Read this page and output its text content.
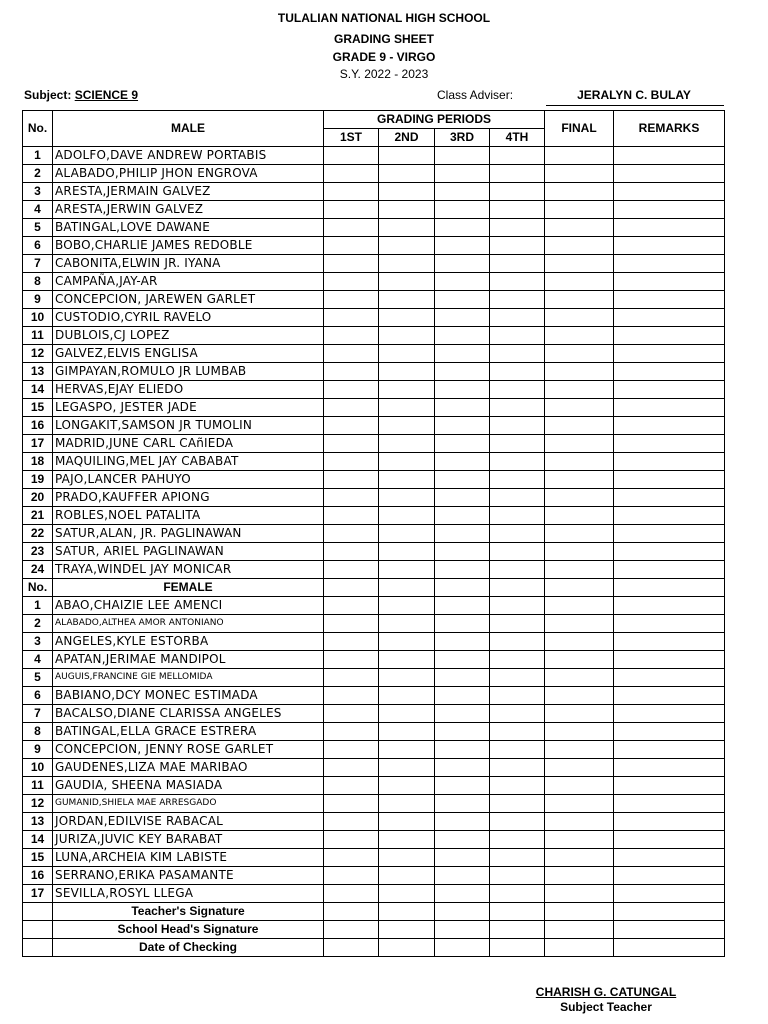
TULALIAN NATIONAL HIGH SCHOOL
GRADING SHEET
GRADE 9 - VIRGO
S.Y. 2022 - 2023
Subject: SCIENCE 9	Class Adviser:	JERALYN C. BULAY
No.	MALE	GRADING PERIODS				FINAL	REMARKS
		1ST	2ND	3RD	4TH		
1	ADOLFO,DAVE ANDREW PORTABIS						
2	ALABADO,PHILIP JHON ENGROVA						
3	ARESTA,JERMAIN GALVEZ						
4	ARESTA,JERWIN GALVEZ						
5	BATINGAL,LOVE DAWANE						
6	BOBO,CHARLIE JAMES REDOBLE						
7	CABONITA,ELWIN JR. IYANA						
8	CAMPAÑA,JAY-AR						
9	CONCEPCION, JAREWEN GARLET						
10	CUSTODIO,CYRIL RAVELO						
11	DUBLOIS,CJ LOPEZ						
12	GALVEZ,ELVIS ENGLISA						
13	GIMPAYAN,ROMULO JR LUMBAB						
14	HERVAS,EJAY ELIEDO						
15	LEGASPO, JESTER JADE						
16	LONGAKIT,SAMSON JR TUMOLIN						
17	MADRID,JUNE CARL CAñIEDA						
18	MAQUILING,MEL JAY CABABAT						
19	PAJO,LANCER PAHUYO						
20	PRADO,KAUFFER APIONG						
21	ROBLES,NOEL PATALITA						
22	SATUR,ALAN, JR. PAGLINAWAN						
23	SATUR, ARIEL PAGLINAWAN						
24	TRAYA,WINDEL JAY MONICAR						
No.	FEMALE						
1	ABAO,CHAIZIE LEE AMENCI						
2	ALABADO,ALTHEA AMOR ANTONIANO						
3	ANGELES,KYLE ESTORBA						
4	APATAN,JERIMAE MANDIPOL						
5	AUGUIS,FRANCINE GIE MELLOMIDA						
6	BABIANO,DCY MONEC ESTIMADA						
7	BACALSO,DIANE CLARISSA ANGELES						
8	BATINGAL,ELLA GRACE ESTRERA						
9	CONCEPCION, JENNY ROSE GARLET						
10	GAUDENES,LIZA MAE MARIBAO						
11	GAUDIA, SHEENA MASIADA						
12	GUMANID,SHIELA MAE ARRESGADO						
13	JORDAN,EDILVISE RABACAL						
14	JURIZA,JUVIC KEY BARABAT						
15	LUNA,ARCHEIA KIM LABISTE						
16	SERRANO,ERIKA PASAMANTE						
17	SEVILLA,ROSYL LLEGA						
	Teacher's Signature						
	School Head's Signature						
	Date of Checking						
CHARISH G. CATUNGAL
Subject Teacher
